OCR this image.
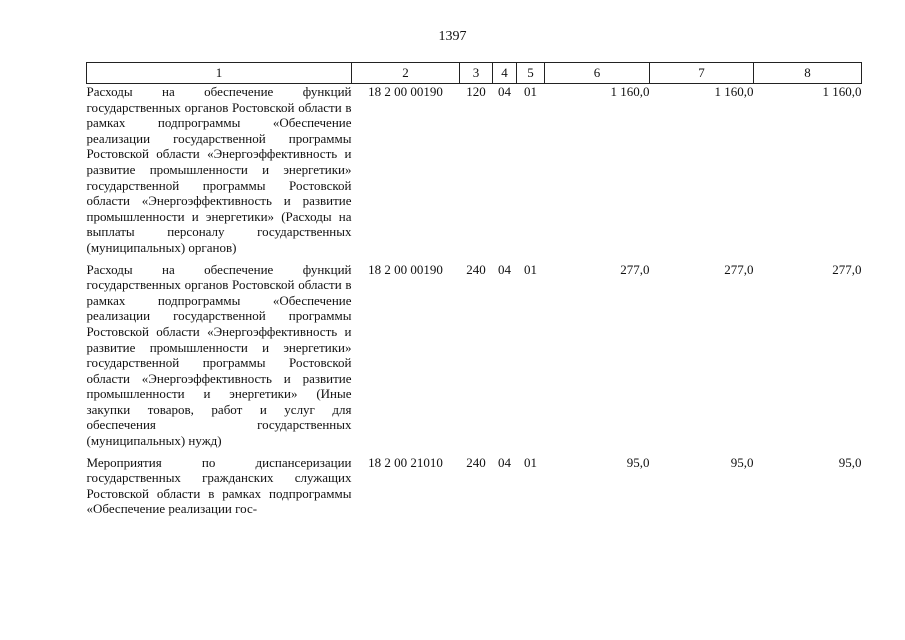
1397
1	2	3	4	5	6	7	8
Расходы на обеспечение функций государственных органов Ростовской области в рамках подпрограммы «Обеспечение реализации государственной программы Ростовской области «Энергоэффективность и развитие промышленности и энергетики» государственной программы Ростовской области «Энергоэффективность и развитие промышленности и энергетики» (Расходы на выплаты персоналу государственных (муниципальных) органов)	18 2 00 00190	120	04	01	1 160,0	1 160,0	1 160,0
Расходы на обеспечение функций государственных органов Ростовской области в рамках подпрограммы «Обеспечение реализации государственной программы Ростовской области «Энергоэффективность и развитие промышленности и энергетики» государственной программы Ростовской области «Энергоэффективность и развитие промышленности и энергетики» (Иные закупки товаров, работ и услуг для обеспечения государственных (муниципальных) нужд)	18 2 00 00190	240	04	01	277,0	277,0	277,0
Мероприятия по диспансеризации государственных гражданских служащих Ростовской области в рамках подпрограммы «Обеспечение реализации гос-	18 2 00 21010	240	04	01	95,0	95,0	95,0
